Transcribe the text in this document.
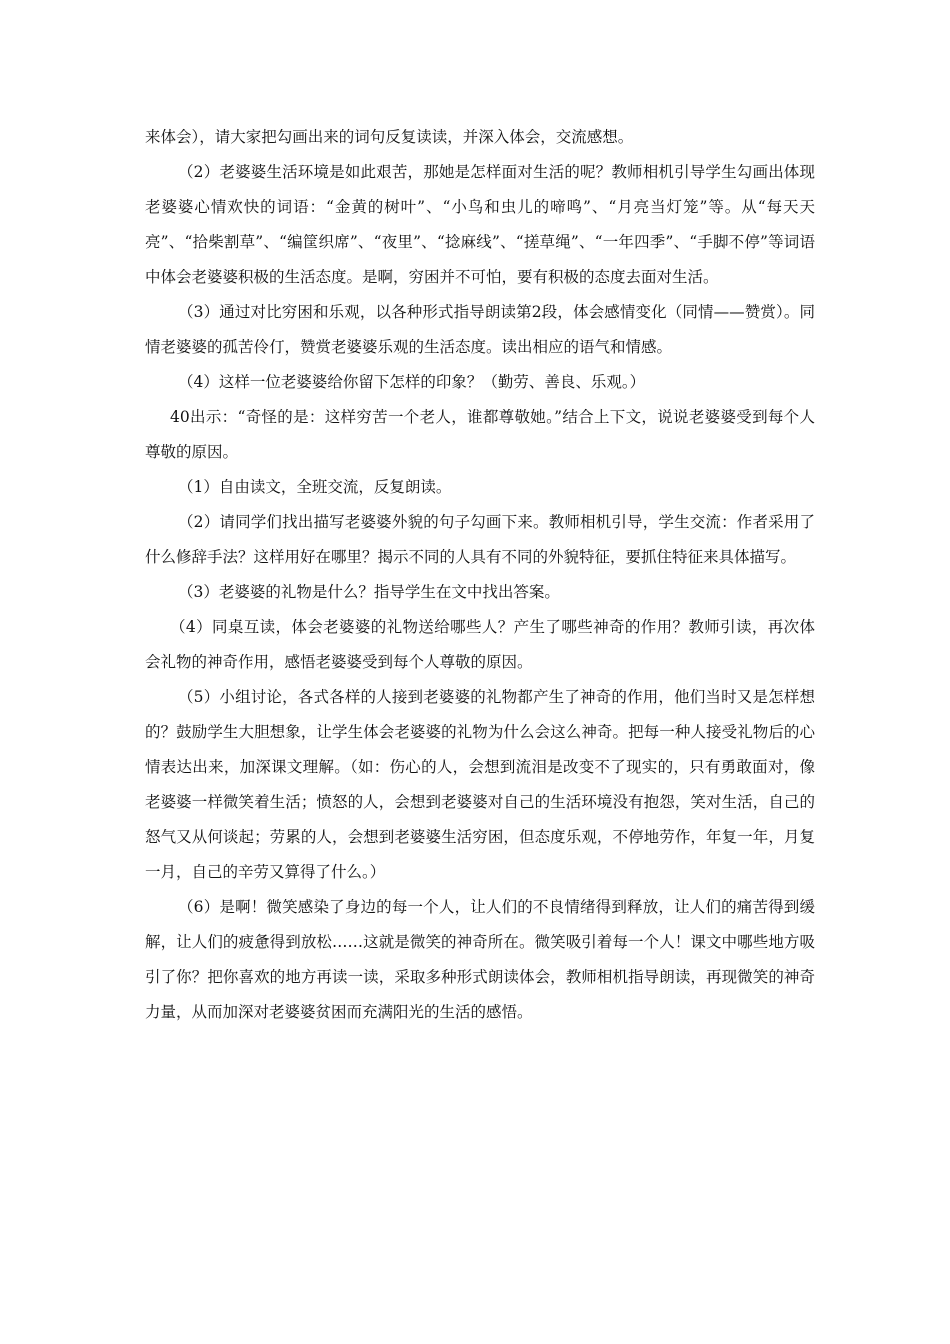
来体会），请大家把勾画出来的词句反复读读，并深入体会，交流感想。

（2）老婆婆生活环境是如此艰苦，那她是怎样面对生活的呢？教师相机引导学生勾画出体现老婆婆心情欢快的词语：“金黄的树叶”、“小鸟和虫儿的啼鸣”、“月亮当灯笼”等。从“每天天亮”、“拾柴割草”、“编筐织席”、“夜里”、“捻麻线”、“搓草绳”、“一年四季”、“手脚不停”等词语中体会老婆婆积极的生活态度。是啊，穷困并不可怕，要有积极的态度去面对生活。

（3）通过对比穷困和乐观，以各种形式指导朗读第2段，体会感情变化（同情——赞赏）。同情老婆婆的孤苦伶仃，赞赏老婆婆乐观的生活态度。读出相应的语气和情感。

（4）这样一位老婆婆给你留下怎样的印象？（勤劳、善良、乐观。）

40出示：“奇怪的是：这样穷苦一个老人，谁都尊敬她。”结合上下文，说说老婆婆受到每个人尊敬的原因。

（1）自由读文，全班交流，反复朗读。

（2）请同学们找出描写老婆婆外貌的句子勾画下来。教师相机引导，学生交流：作者采用了什么修辞手法？这样用好在哪里？揭示不同的人具有不同的外貌特征，要抓住特征来具体描写。

（3）老婆婆的礼物是什么？指导学生在文中找出答案。

（4）同桌互读，体会老婆婆的礼物送给哪些人？产生了哪些神奇的作用？教师引读，再次体会礼物的神奇作用，感悟老婆婆受到每个人尊敬的原因。

（5）小组讨论，各式各样的人接到老婆婆的礼物都产生了神奇的作用，他们当时又是怎样想的？鼓励学生大胆想象，让学生体会老婆婆的礼物为什么会这么神奇。把每一种人接受礼物后的心情表达出来，加深课文理解。（如：伤心的人，会想到流泪是改变不了现实的，只有勇敢面对，像老婆婆一样微笑着生活；愤怒的人，会想到老婆婆对自己的生活环境没有抱怨，笑对生活，自己的怒气又从何谈起；劳累的人，会想到老婆婆生活穷困，但态度乐观，不停地劳作，年复一年，月复一月，自己的辛劳又算得了什么。）

（6）是啊！微笑感染了身边的每一个人，让人们的不良情绪得到释放，让人们的痛苦得到缓解，让人们的疲惫得到放松……这就是微笑的神奇所在。微笑吸引着每一个人！课文中哪些地方吸引了你？把你喜欢的地方再读一读，采取多种形式朗读体会，教师相机指导朗读，再现微笑的神奇力量，从而加深对老婆婆贫困而充满阳光的生活的感悟。
